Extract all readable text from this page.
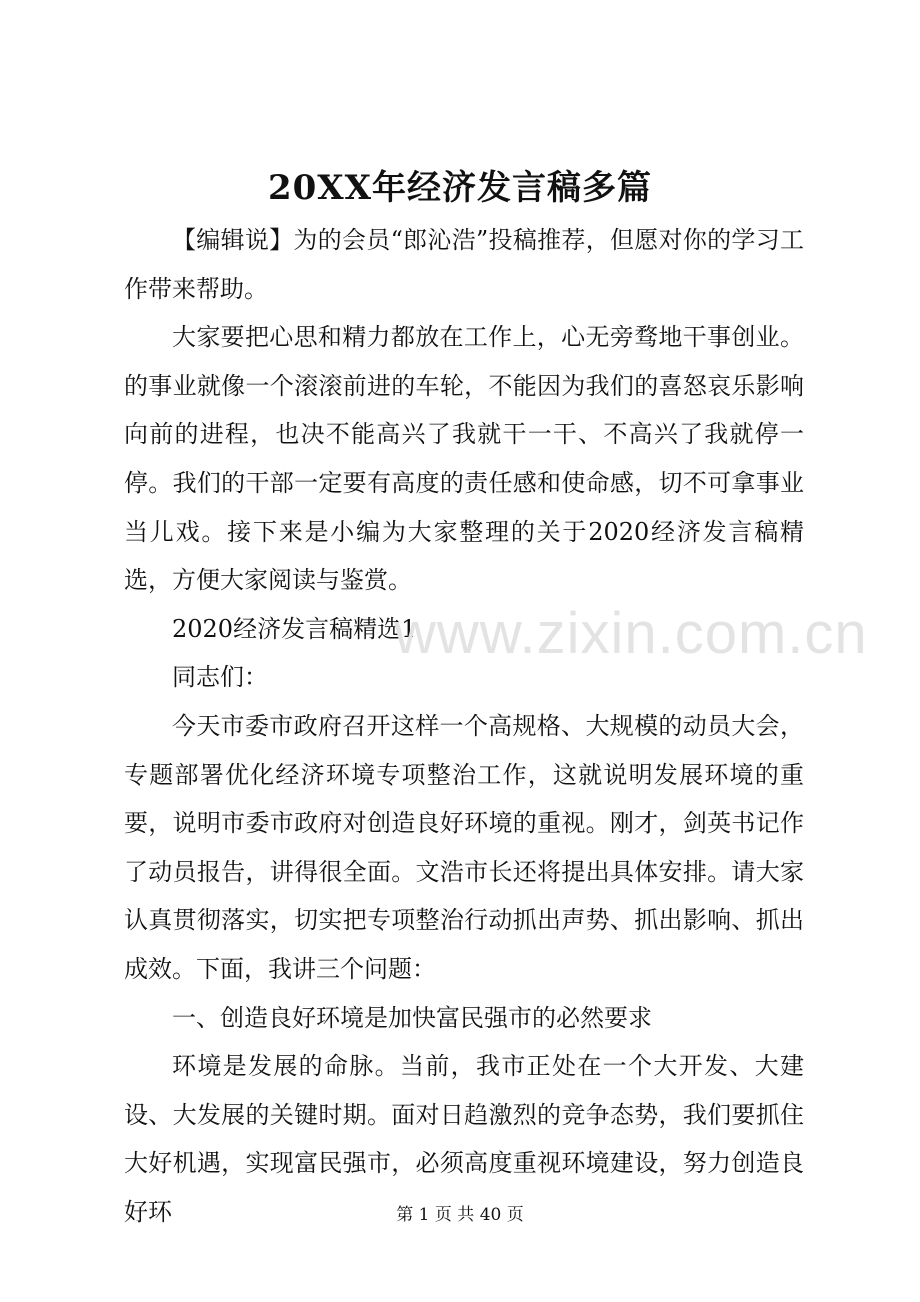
20XX年经济发言稿多篇

【编辑说】为的会员“郎沁浩”投稿推荐，但愿对你的学习工作带来帮助。

大家要把心思和精力都放在工作上，心无旁骛地干事创业。的事业就像一个滚滚前进的车轮，不能因为我们的喜怒哀乐影响向前的进程，也决不能高兴了我就干一干、不高兴了我就停一停。我们的干部一定要有高度的责任感和使命感，切不可拿事业当儿戏。接下来是小编为大家整理的关于2020经济发言稿精选，方便大家阅读与鉴赏。

2020经济发言稿精选1

同志们：

今天市委市政府召开这样一个高规格、大规模的动员大会，专题部署优化经济环境专项整治工作，这就说明发展环境的重要，说明市委市政府对创造良好环境的重视。刚才，剑英书记作了动员报告，讲得很全面。文浩市长还将提出具体安排。请大家认真贯彻落实，切实把专项整治行动抓出声势、抓出影响、抓出成效。下面，我讲三个问题：

一、创造良好环境是加快富民强市的必然要求

环境是发展的命脉。当前，我市正处在一个大开发、大建设、大发展的关键时期。面对日趋激烈的竞争态势，我们要抓住大好机遇，实现富民强市，必须高度重视环境建设，努力创造良好环

www.zixin.com.cn
第 1 页 共 40 页
